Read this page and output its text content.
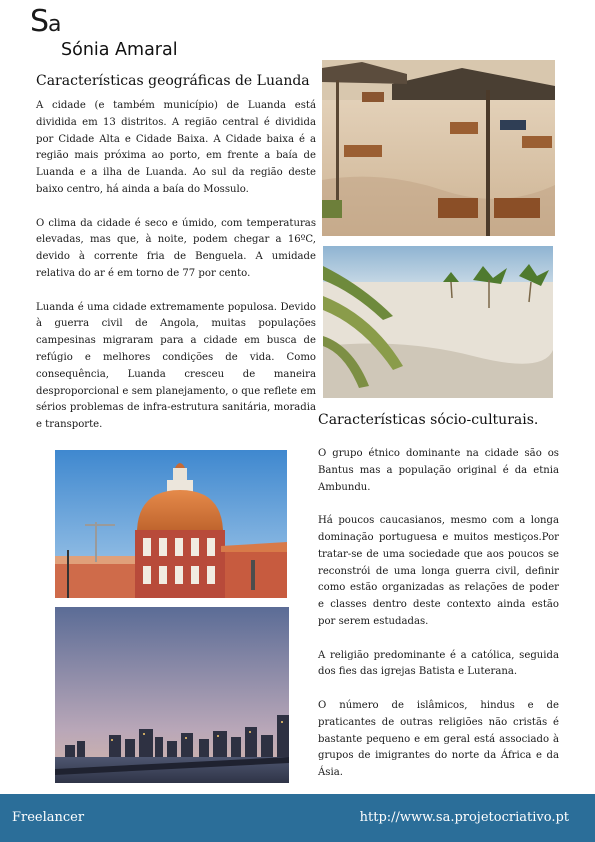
Sa
Sónia Amaral
Características geográficas de Luanda

A cidade (e também município) de Luanda está dividida em 13 distritos. A região central é dividida por Cidade Alta e Cidade Baixa. A Cidade baixa é a região mais próxima ao porto, em frente a baía de Luanda e a ilha de Luanda. Ao sul da região deste baixo centro, há ainda a baía do Mossulo.

O clima da cidade é seco e úmido, com temperaturas elevadas, mas que, à noite, podem chegar a 16ºC, devido à corrente fria de Benguela. A umidade relativa do ar é em torno de 77 por cento.

Luanda é uma cidade extremamente populosa. Devido à guerra civil de Angola, muitas populações campesinas migraram para a cidade em busca de refúgio e melhores condições de vida. Como consequência, Luanda cresceu de maneira desproporcional e sem planejamento, o que reflete em sérios problemas de infra-estrutura sanitária, moradia e transporte.	Características sócio-culturais.

O grupo étnico dominante na cidade são os Bantus mas a população original é da etnia Ambundu.

Há poucos caucasianos, mesmo com a longa dominação portuguesa e muitos mestiços.Por tratar-se de uma sociedade que aos poucos se reconstrói de uma longa guerra civil, definir como estão organizadas as relações de poder e classes dentro deste contexto ainda estão por serem estudadas.

A religião predominante é a católica, seguida dos fies das igrejas Batista e Luterana.

O número de islâmicos, hindus e de praticantes de outras religiões não cristãs é bastante pequeno e em geral está associado à grupos de imigrantes do norte da África e da Ásia.

Freelancer	http://www.sa.projetocriativo.pt
